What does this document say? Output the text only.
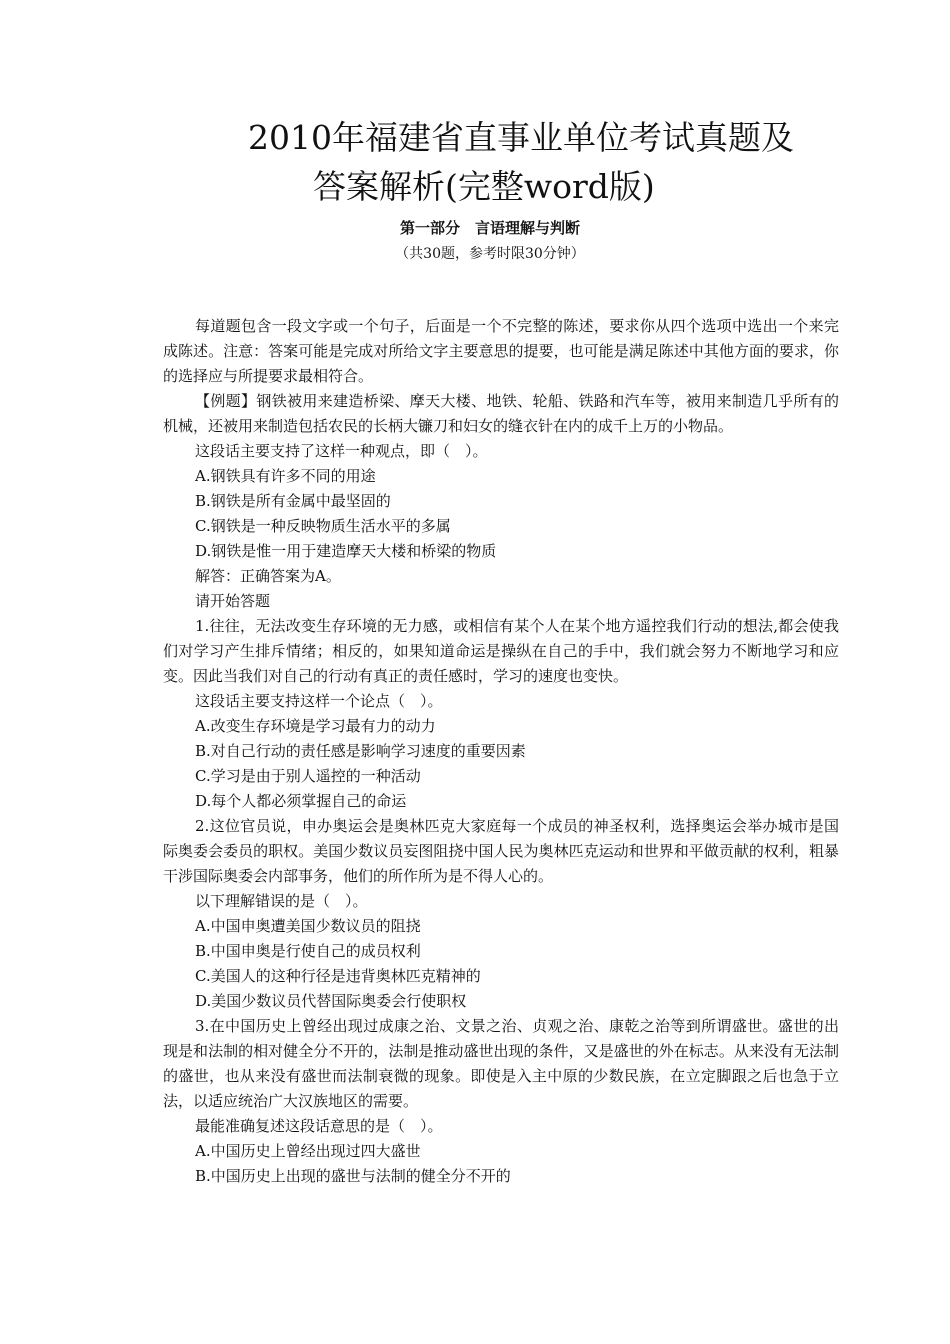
2010年福建省直事业单位考试真题及
答案解析(完整word版)
第一部分　言语理解与判断
（共30题，参考时限30分钟）

每道题包含一段文字或一个句子，后面是一个不完整的陈述，要求你从四个选项中选出一个来完成陈述。注意：答案可能是完成对所给文字主要意思的提要，也可能是满足陈述中其他方面的要求，你的选择应与所提要求最相符合。

【例题】钢铁被用来建造桥梁、摩天大楼、地铁、轮船、铁路和汽车等，被用来制造几乎所有的机械，还被用来制造包括农民的长柄大镰刀和妇女的缝衣针在内的成千上万的小物品。

这段话主要支持了这样一种观点，即（　）。

A.钢铁具有许多不同的用途

B.钢铁是所有金属中最坚固的

C.钢铁是一种反映物质生活水平的多属

D.钢铁是惟一用于建造摩天大楼和桥梁的物质

解答：正确答案为A。

请开始答题

1.往往，无法改变生存环境的无力感，或相信有某个人在某个地方遥控我们行动的想法,都会使我们对学习产生排斥情绪；相反的，如果知道命运是操纵在自己的手中，我们就会努力不断地学习和应变。因此当我们对自己的行动有真正的责任感时，学习的速度也变快。

这段话主要支持这样一个论点（　）。

A.改变生存环境是学习最有力的动力

B.对自己行动的责任感是影响学习速度的重要因素

C.学习是由于别人遥控的一种活动

D.每个人都必须掌握自己的命运

2.这位官员说，申办奥运会是奥林匹克大家庭每一个成员的神圣权利，选择奥运会举办城市是国际奥委会委员的职权。美国少数议员妄图阻挠中国人民为奥林匹克运动和世界和平做贡献的权利，粗暴干涉国际奥委会内部事务，他们的所作所为是不得人心的。

以下理解错误的是（　）。

A.中国申奥遭美国少数议员的阻挠

B.中国申奥是行使自己的成员权利

C.美国人的这种行径是违背奥林匹克精神的

D.美国少数议员代替国际奥委会行使职权

3.在中国历史上曾经出现过成康之治、文景之治、贞观之治、康乾之治等到所谓盛世。盛世的出现是和法制的相对健全分不开的，法制是推动盛世出现的条件，又是盛世的外在标志。从来没有无法制的盛世，也从来没有盛世而法制衰微的现象。即使是入主中原的少数民族，在立定脚跟之后也急于立法，以适应统治广大汉族地区的需要。

最能准确复述这段话意思的是（　）。

A.中国历史上曾经出现过四大盛世

B.中国历史上出现的盛世与法制的健全分不开的
